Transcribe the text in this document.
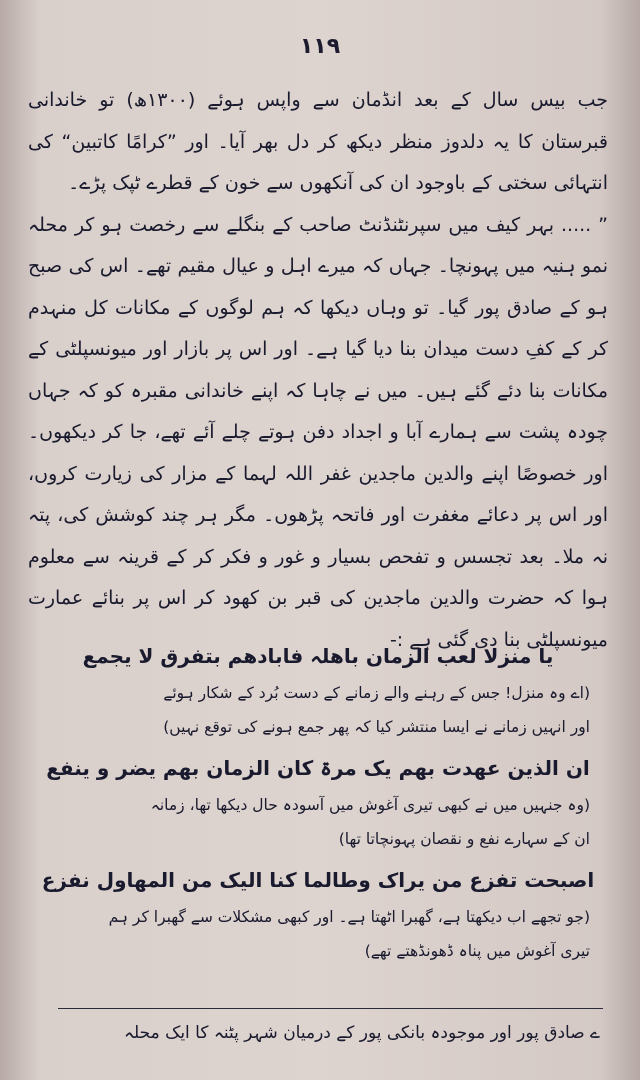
۱۱۹

جب بیس سال کے بعد انڈمان سے واپس ہوئے (۱۳۰۰ھ) تو خاندانی قبرستان کا یہ دلدوز منظر دیکھ کر دل بھر آیا۔ اور ”کرامًا کاتبین“ کی انتہائی سختی کے باوجود ان کی آنکھوں سے خون کے قطرے ٹپک پڑے۔

” ..... بہر کیف میں سپرنٹنڈنٹ صاحب کے بنگلے سے رخصت ہو کر محلہ نمو ہنیہ میں پہونچا۔ جہاں کہ میرے اہل و عیال مقیم تھے۔ اس کی صبح ہو کے صادق پور گیا۔ تو وہاں دیکھا کہ ہم لوگوں کے مکانات کل منہدم کر کے کفِ دست میدان بنا دیا گیا ہے۔ اور اس پر بازار اور میونسپلٹی کے مکانات بنا دئے گئے ہیں۔ میں نے چاہا کہ اپنے خاندانی مقبرہ کو کہ جہاں چودہ پشت سے ہمارے آبا و اجداد دفن ہوتے چلے آئے تھے، جا کر دیکھوں۔ اور خصوصًا اپنے والدین ماجدین غفر اللہ لہما کے مزار کی زیارت کروں، اور اس پر دعائے مغفرت اور فاتحہ پڑھوں۔ مگر ہر چند کوشش کی، پتہ نہ ملا۔ بعد تجسس و تفحص بسیار و غور و فکر کر کے قرینہ سے معلوم ہوا کہ حضرت والدین ماجدین کی قبر بن کھود کر اس پر بنائے عمارت میونسپلٹی بنا دی گئی ہے :-

یا منزلا لعب الزمان باھلہ فابادھم بتفرق لا یجمع

(اے وہ منزل! جس کے رہنے والے زمانے کے دست بُرد کے شکار ہوئے

اور انہیں زمانے نے ایسا منتشر کیا کہ پھر جمع ہونے کی توقع نہیں)

ان الذین عھدت بھم یک مرۃ کان الزمان بھم یضر و ینفع

(وہ جنہیں میں نے کبھی تیری آغوش میں آسودہ حال دیکھا تھا، زمانہ

ان کے سہارے نفع و نقصان پہونچاتا تھا)

اصبحت تفزع من یراک وطالما کنا الیک من المھاول نفزع

(جو تجھے اب دیکھتا ہے، گھبرا اٹھتا ہے۔ اور کبھی مشکلات سے گھبرا کر ہم

تیری آغوش میں پناہ ڈھونڈھتے تھے)

ے صادق پور اور موجودہ بانکی پور کے درمیان شہر پٹنہ کا ایک محلہ
